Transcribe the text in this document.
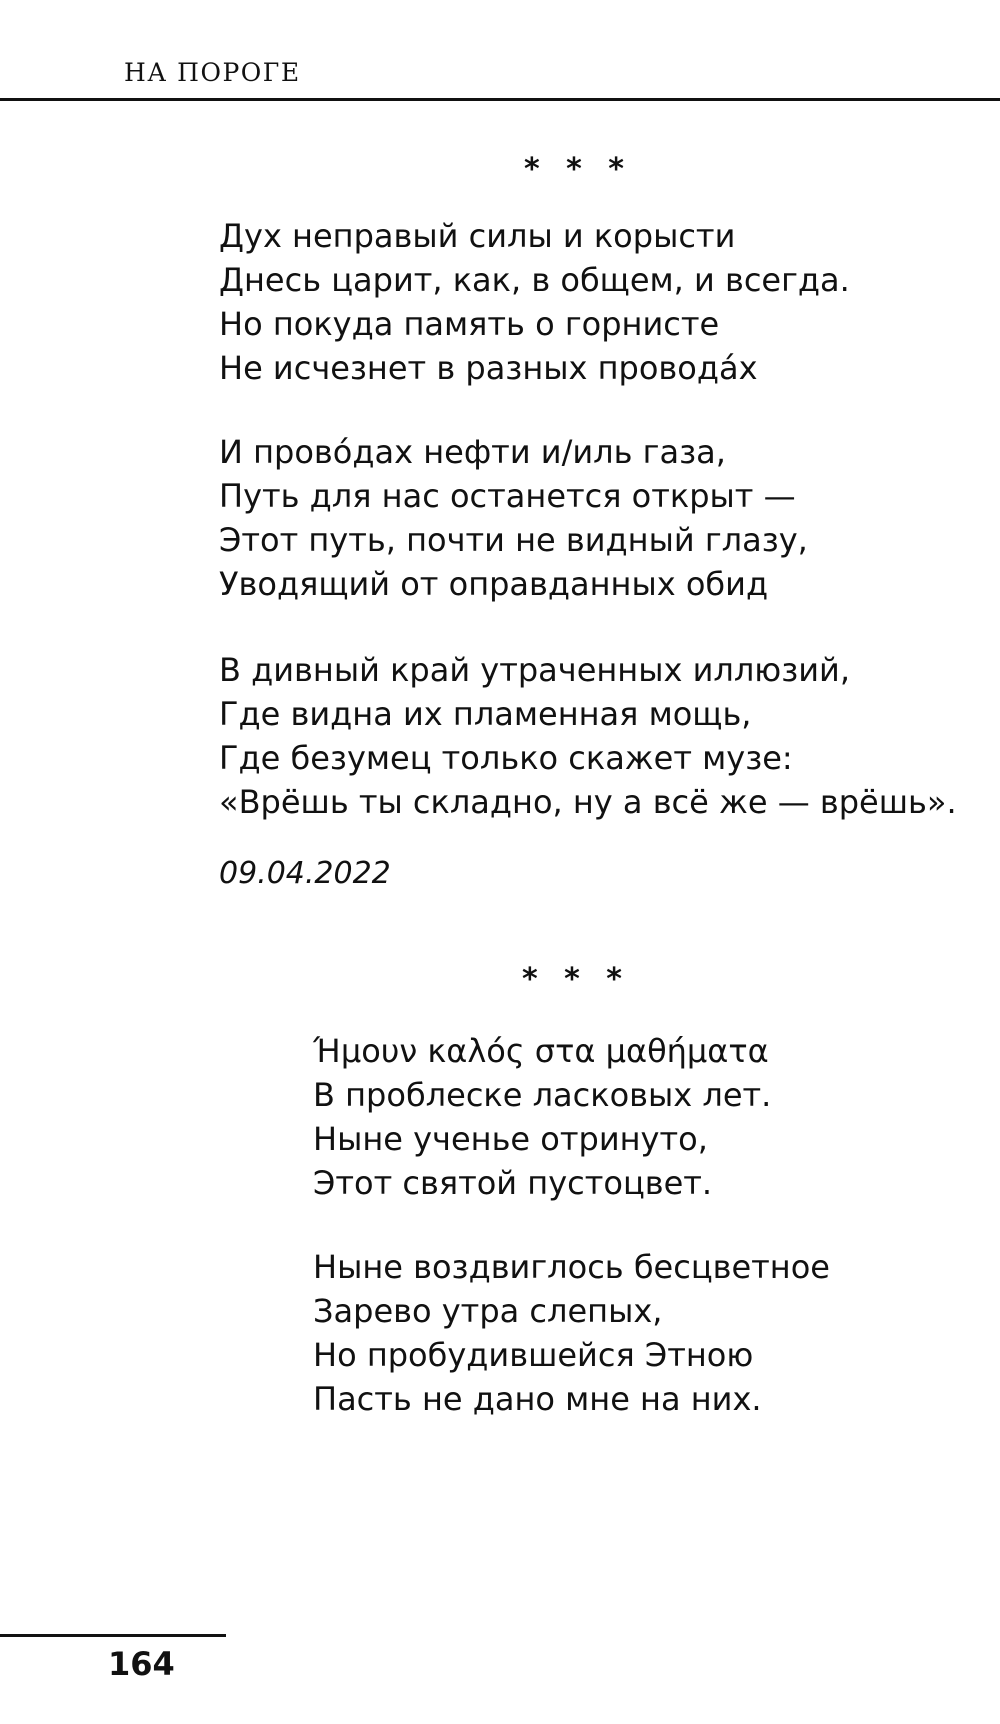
НА ПОРОГЕ
* * *
Дух неправый силы и корысти
Днесь царит, как, в общем, и всегда.
Но покуда память о горнисте
Не исчезнет в разных проводáх
И провóдах нефти и/иль газа,
Путь для нас останется открыт —
Этот путь, почти не видный глазу,
Уводящий от оправданных обид
В дивный край утраченных иллюзий,
Где видна их пламенная мощь,
Где безумец только скажет музе:
«Врёшь ты складно, ну а всё же — врёшь».
09.04.2022
* * *
Ήμουν καλός στα μαθήματα
В проблеске ласковых лет.
Ныне ученье отринуто,
Этот святой пустоцвет.
Ныне воздвиглось бесцветное
Зарево утра слепых,
Но пробудившейся Этною
Пасть не дано мне на них.
164
